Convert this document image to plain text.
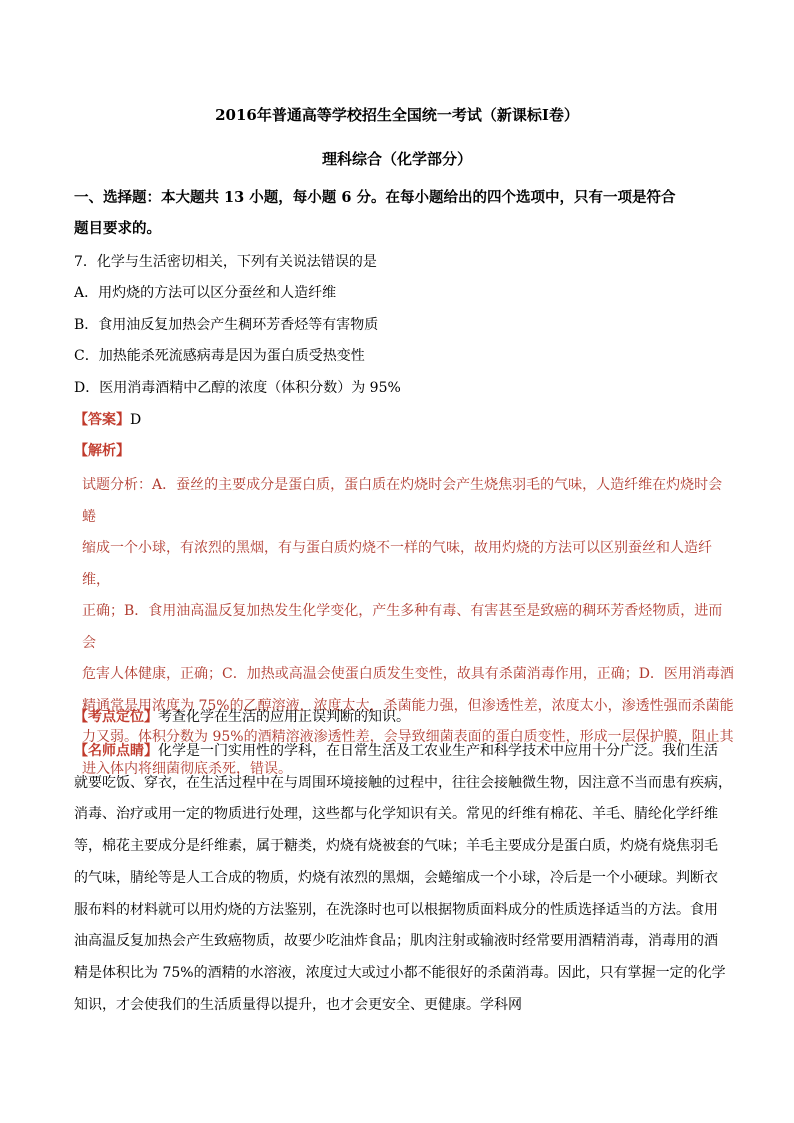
2016年普通高等学校招生全国统一考试（新课标Ⅰ卷）
理科综合（化学部分）
一、选择题：本大题共 13 小题，每小题 6 分。在每小题给出的四个选项中，只有一项是符合
题目要求的。
7．化学与生活密切相关，下列有关说法错误的是
A．用灼烧的方法可以区分蚕丝和人造纤维
B．食用油反复加热会产生稠环芳香烃等有害物质
C．加热能杀死流感病毒是因为蛋白质受热变性
D．医用消毒酒精中乙醇的浓度（体积分数）为 95%
【答案】D
【解析】

试题分析：A．蚕丝的主要成分是蛋白质，蛋白质在灼烧时会产生烧焦羽毛的气味，人造纤维在灼烧时会蜷

缩成一个小球，有浓烈的黑烟，有与蛋白质灼烧不一样的气味，故用灼烧的方法可以区别蚕丝和人造纤维，

正确；B．食用油高温反复加热发生化学变化，产生多种有毒、有害甚至是致癌的稠环芳香烃物质，进而会

危害人体健康，正确；C．加热或高温会使蛋白质发生变性，故具有杀菌消毒作用，正确；D．医用消毒酒

精通常是用浓度为 75%的乙醇溶液，浓度太大，杀菌能力强，但渗透性差，浓度太小，渗透性强而杀菌能

力又弱。体积分数为 95%的酒精溶液渗透性差，会导致细菌表面的蛋白质变性，形成一层保护膜，阻止其

进入体内将细菌彻底杀死，错误。

【考点定位】考查化学在生活的应用正误判断的知识。

【名师点睛】化学是一门实用性的学科，在日常生活及工农业生产和科学技术中应用十分广泛。我们生活

就要吃饭、穿衣，在生活过程中在与周围环境接触的过程中，往往会接触微生物，因注意不当而患有疾病，

消毒、治疗或用一定的物质进行处理，这些都与化学知识有关。常见的纤维有棉花、羊毛、腈纶化学纤维

等，棉花主要成分是纤维素，属于糖类，灼烧有烧被套的气味；羊毛主要成分是蛋白质，灼烧有烧焦羽毛

的气味，腈纶等是人工合成的物质，灼烧有浓烈的黑烟，会蜷缩成一个小球，冷后是一个小硬球。判断衣

服布料的材料就可以用灼烧的方法鉴别，在洗涤时也可以根据物质面料成分的性质选择适当的方法。食用

油高温反复加热会产生致癌物质，故要少吃油炸食品；肌肉注射或输液时经常要用酒精消毒，消毒用的酒

精是体积比为 75%的酒精的水溶液，浓度过大或过小都不能很好的杀菌消毒。因此，只有掌握一定的化学

知识，才会使我们的生活质量得以提升，也才会更安全、更健康。学科网
